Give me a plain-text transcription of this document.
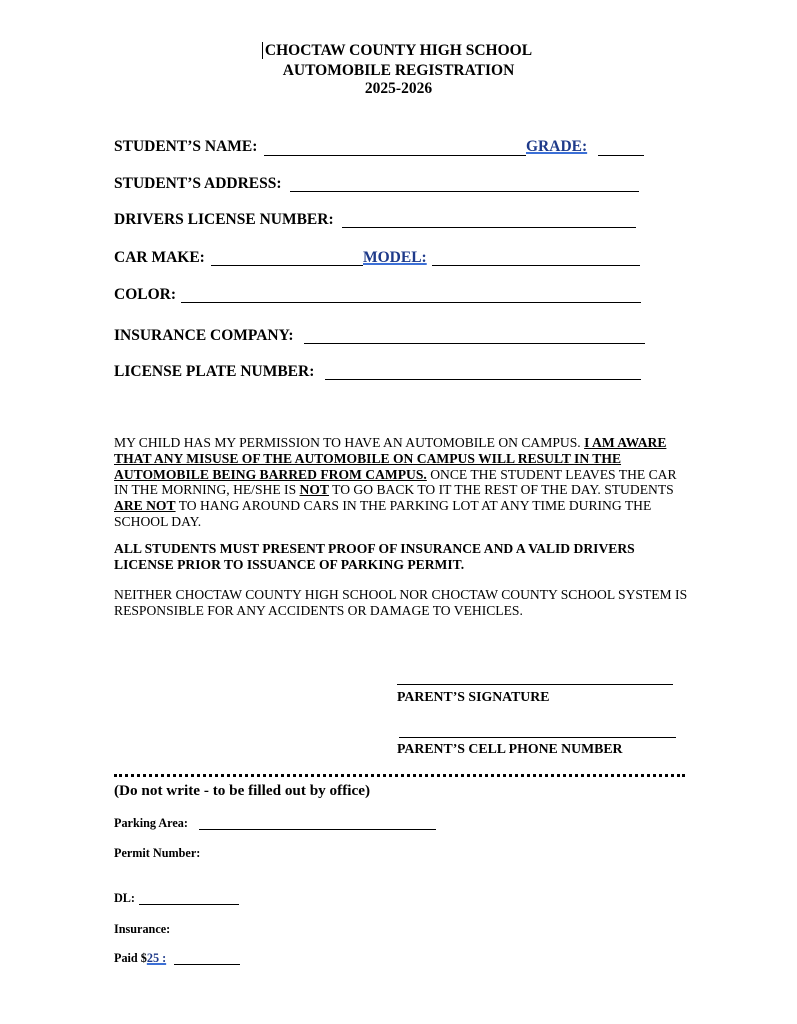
CHOCTAW COUNTY HIGH SCHOOL
AUTOMOBILE REGISTRATION
2025-2026
STUDENT’S NAME:	GRADE:
STUDENT’S ADDRESS:
DRIVERS LICENSE NUMBER:
CAR MAKE:	MODEL:
COLOR:
INSURANCE COMPANY:
LICENSE PLATE NUMBER:
MY CHILD HAS MY PERMISSION TO HAVE AN AUTOMOBILE ON CAMPUS. I AM AWARE THAT ANY MISUSE OF THE AUTOMOBILE ON CAMPUS WILL RESULT IN THE AUTOMOBILE BEING BARRED FROM CAMPUS. ONCE THE STUDENT LEAVES THE CAR IN THE MORNING, HE/SHE IS NOT TO GO BACK TO IT THE REST OF THE DAY. STUDENTS ARE NOT TO HANG AROUND CARS IN THE PARKING LOT AT ANY TIME DURING THE SCHOOL DAY.
ALL STUDENTS MUST PRESENT PROOF OF INSURANCE AND A VALID DRIVERS LICENSE PRIOR TO ISSUANCE OF PARKING PERMIT.
NEITHER CHOCTAW COUNTY HIGH SCHOOL NOR CHOCTAW COUNTY SCHOOL SYSTEM IS RESPONSIBLE FOR ANY ACCIDENTS OR DAMAGE TO VEHICLES.
PARENT’S SIGNATURE
PARENT’S CELL PHONE NUMBER
(Do not write - to be filled out by office)
Parking Area:
Permit Number:
DL:
Insurance:
Paid $25 :
